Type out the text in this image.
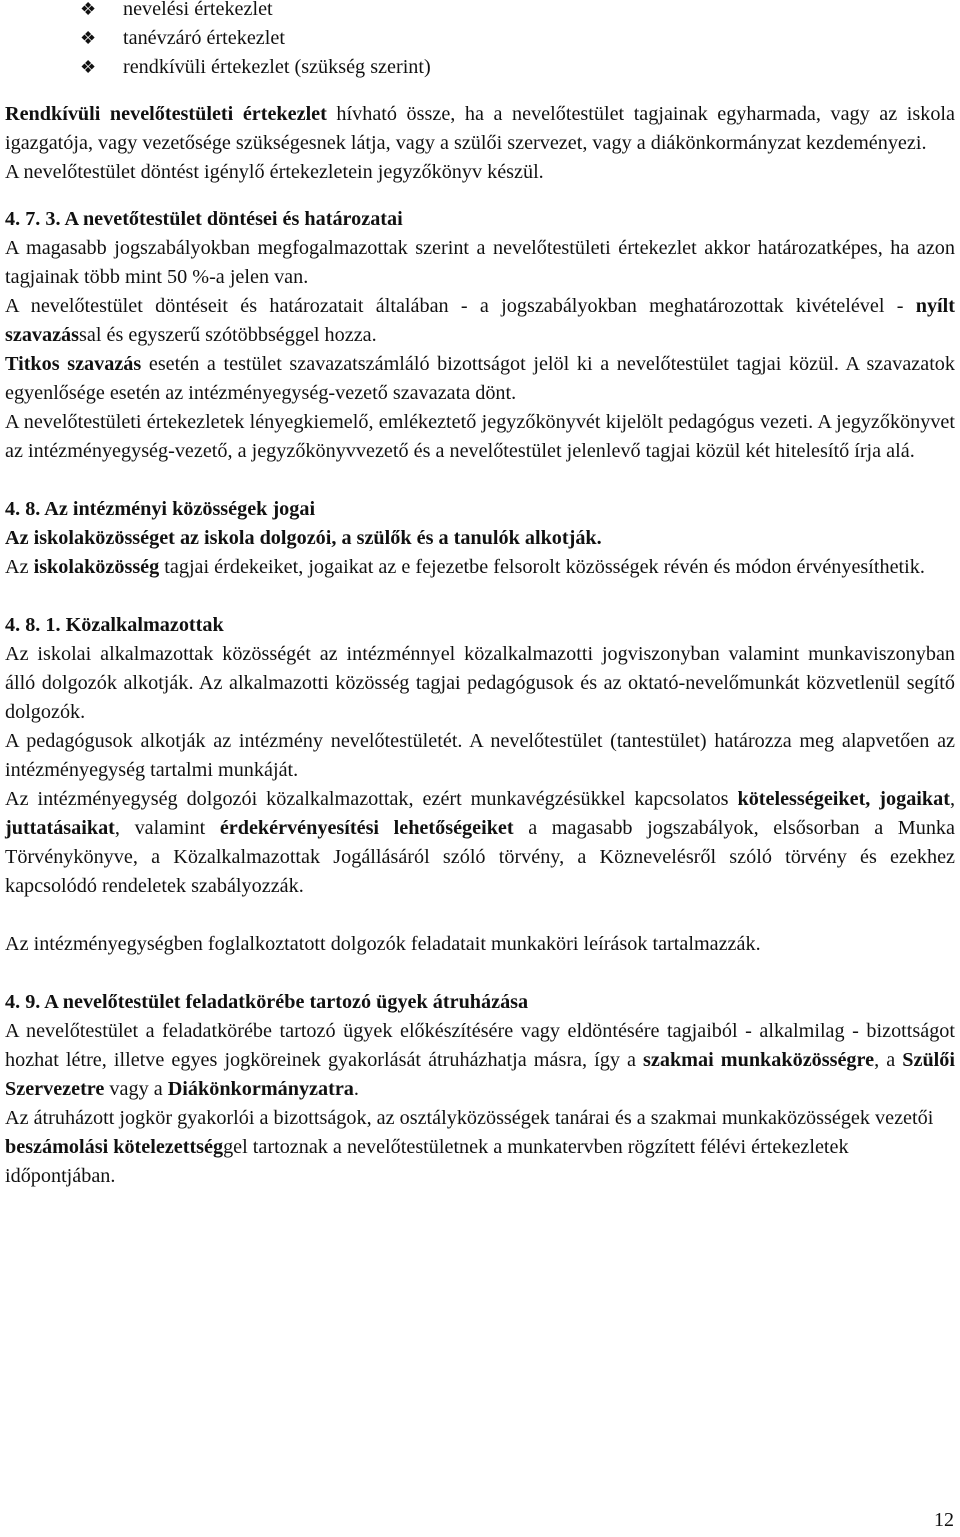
❖ nevelési értekezlet
❖ tanévzáró értekezlet
❖ rendkívüli értekezlet (szükség szerint)

Rendkívüli nevelőtestületi értekezlet hívható össze, ha a nevelőtestület tagjainak egyharmada, vagy az iskola igazgatója, vagy vezetősége szükségesnek látja, vagy a szülői szervezet, vagy a diákönkormányzat kezdeményezi.

A nevelőtestület döntést igénylő értekezletein jegyzőkönyv készül.

4. 7. 3. A nevetőtestület döntései és határozatai

A magasabb jogszabályokban megfogalmazottak szerint a nevelőtestületi értekezlet akkor határozatképes, ha azon tagjainak több mint 50 %-a jelen van.

A nevelőtestület döntéseit és határozatait általában - a jogszabályokban meghatározottak kivételével - nyílt szavazással és egyszerű szótöbbséggel hozza.

Titkos szavazás esetén a testület szavazatszámláló bizottságot jelöl ki a nevelőtestület tagjai közül. A szavazatok egyenlősége esetén az intézményegység-vezető szavazata dönt.

A nevelőtestületi értekezletek lényegkiemelő, emlékeztető jegyzőkönyvét kijelölt pedagógus vezeti. A jegyzőkönyvet az intézményegység-vezető, a jegyzőkönyvvezető és a nevelőtestület jelenlevő tagjai közül két hitelesítő írja alá.

4. 8. Az intézményi közösségek jogai

Az iskolaközösséget az iskola dolgozói, a szülők és a tanulók alkotják.

Az iskolaközösség tagjai érdekeiket, jogaikat az e fejezetbe felsorolt közösségek révén és módon érvényesíthetik.

4. 8. 1. Közalkalmazottak

Az iskolai alkalmazottak közösségét az intézménnyel közalkalmazotti jogviszonyban valamint munkaviszonyban álló dolgozók alkotják. Az alkalmazotti közösség tagjai pedagógusok és az oktató-nevelőmunkát közvetlenül segítő dolgozók.

A pedagógusok alkotják az intézmény nevelőtestületét. A nevelőtestület (tantestület) határozza meg alapvetően az intézményegység tartalmi munkáját.

Az intézményegység dolgozói közalkalmazottak, ezért munkavégzésükkel kapcsolatos kötelességeiket, jogaikat, juttatásaikat, valamint érdekérvényesítési lehetőségeiket a magasabb jogszabályok, elsősorban a Munka Törvénykönyve, a Közalkalmazottak Jogállásáról szóló törvény, a Köznevelésről szóló törvény és ezekhez kapcsolódó rendeletek szabályozzák.

Az intézményegységben foglalkoztatott dolgozók feladatait munkaköri leírások tartalmazzák.

4. 9. A nevelőtestület feladatkörébe tartozó ügyek átruházása

A nevelőtestület a feladatkörébe tartozó ügyek előkészítésére vagy eldöntésére tagjaiból - alkalmilag - bizottságot hozhat létre, illetve egyes jogköreinek gyakorlását átruházhatja másra, így a szakmai munkaközösségre, a Szülői Szervezetre vagy a Diákönkormányzatra.

Az átruházott jogkör gyakorlói a bizottságok, az osztályközösségek tanárai és a szakmai munkaközösségek vezetői beszámolási kötelezettséggel tartoznak a nevelőtestületnek a munkatervben rögzített félévi értekezletek időpontjában.

12
